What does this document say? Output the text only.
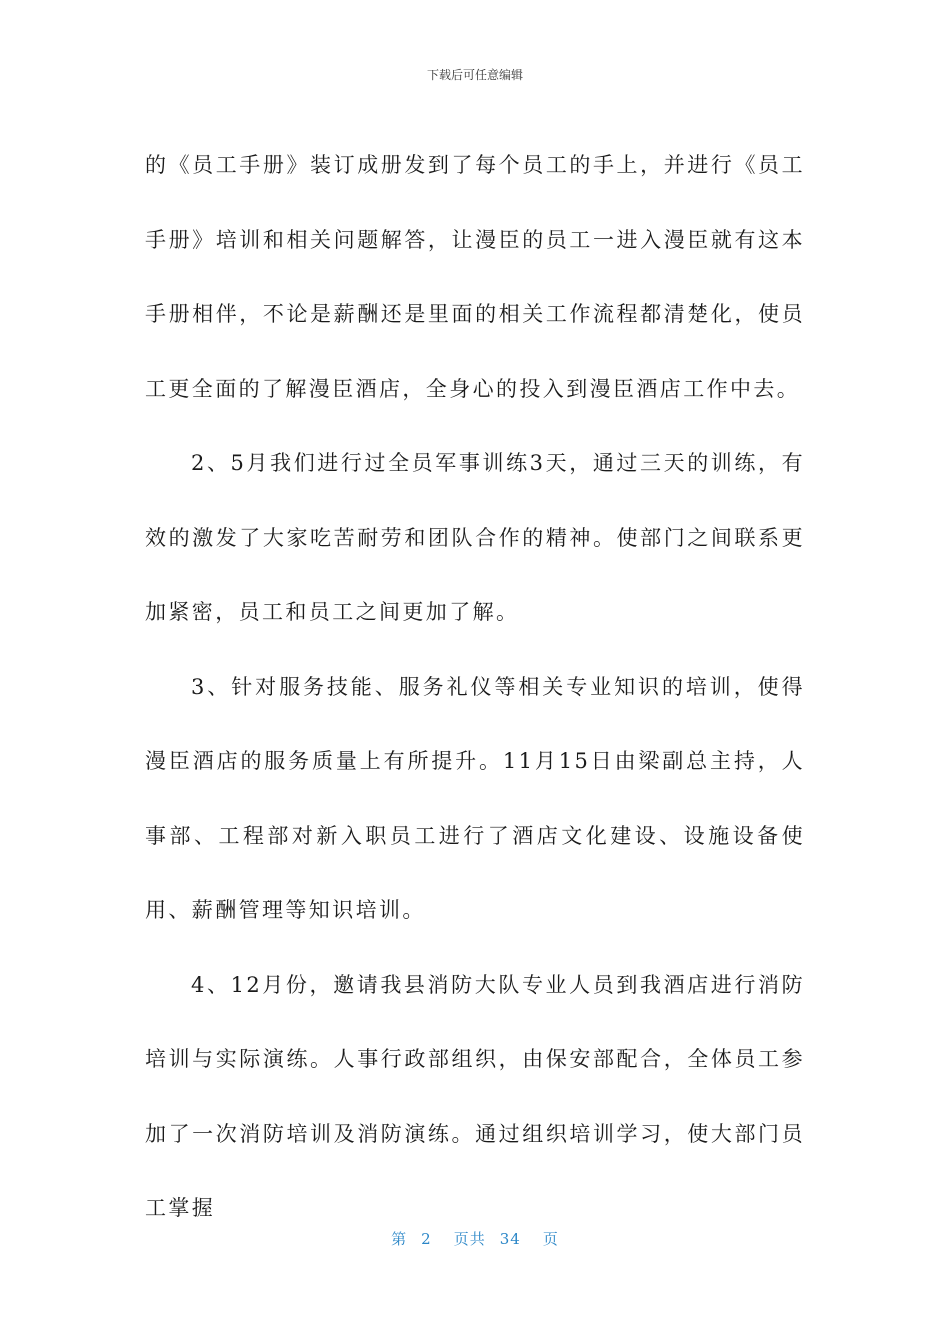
下载后可任意编辑

的《员工手册》装订成册发到了每个员工的手上，并进行《员工手册》培训和相关问题解答，让漫臣的员工一进入漫臣就有这本手册相伴，不论是薪酬还是里面的相关工作流程都清楚化，使员工更全面的了解漫臣酒店，全身心的投入到漫臣酒店工作中去。

2、5月我们进行过全员军事训练3天，通过三天的训练，有效的激发了大家吃苦耐劳和团队合作的精神。使部门之间联系更加紧密，员工和员工之间更加了解。

3、针对服务技能、服务礼仪等相关专业知识的培训，使得漫臣酒店的服务质量上有所提升。11月15日由梁副总主持，人事部、工程部对新入职员工进行了酒店文化建设、设施设备使用、薪酬管理等知识培训。

4、12月份，邀请我县消防大队专业人员到我酒店进行消防培训与实际演练。人事行政部组织，由保安部配合，全体员工参加了一次消防培训及消防演练。通过组织培训学习，使大部门员工掌握

第 2 页共 34 页
